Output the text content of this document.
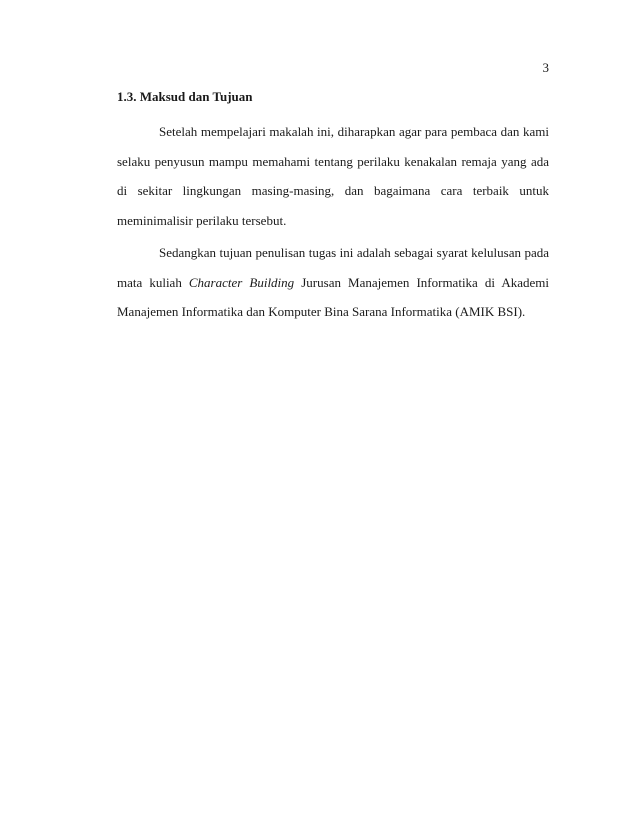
3

1.3. Maksud dan Tujuan

Setelah mempelajari makalah ini, diharapkan agar para pembaca dan kami selaku penyusun mampu memahami tentang perilaku kenakalan remaja yang ada di sekitar lingkungan masing-masing, dan bagaimana cara terbaik untuk meminimalisir perilaku tersebut.

Sedangkan tujuan penulisan tugas ini adalah sebagai syarat kelulusan pada mata kuliah Character Building Jurusan Manajemen Informatika di Akademi Manajemen Informatika dan Komputer Bina Sarana Informatika (AMIK BSI).
